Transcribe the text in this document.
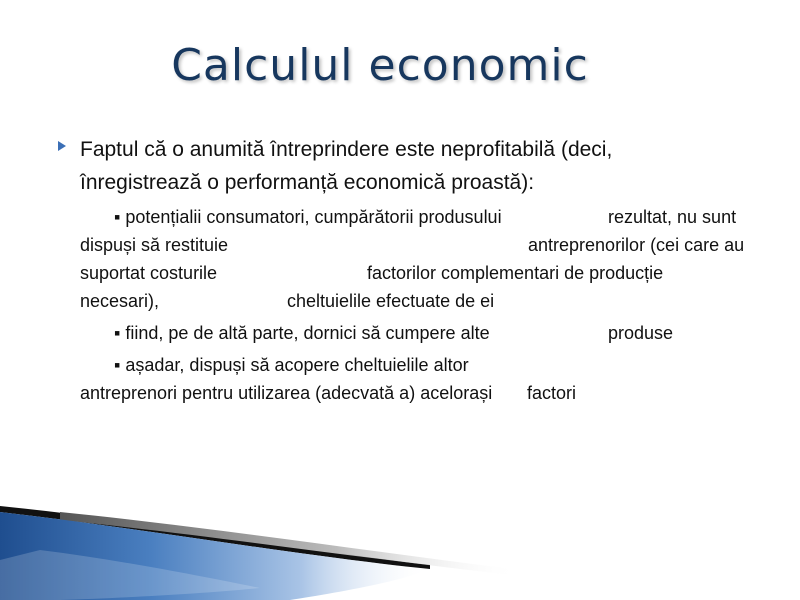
Calculul economic
Faptul că o anumită întreprindere este neprofitabilă (deci,
înregistrează o performanță economică proastă):
▪ potențialii consumatori, cumpărătorii produsului	rezultat, nu sunt
dispuși să restituie	antreprenorilor (cei care au
suportat costurile	factorilor complementari de producție
necesari),	cheltuielile efectuate de ei
▪ fiind, pe de altă parte, dornici să cumpere alte	produse
▪ așadar, dispuși să acopere cheltuielile altor
antreprenori pentru utilizarea (adecvată a) acelorași factori
